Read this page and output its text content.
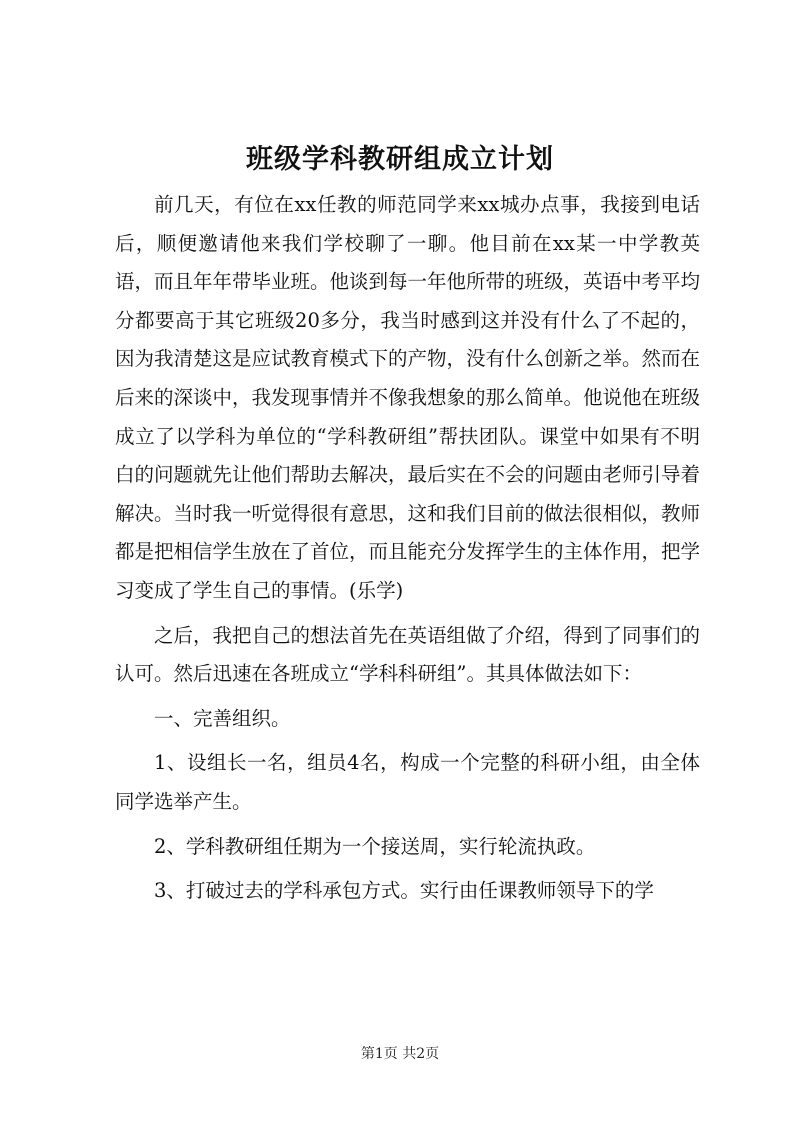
班级学科教研组成立计划

前几天，有位在xx任教的师范同学来xx城办点事，我接到电话后，顺便邀请他来我们学校聊了一聊。他目前在xx某一中学教英语，而且年年带毕业班。他谈到每一年他所带的班级，英语中考平均分都要高于其它班级20多分，我当时感到这并没有什么了不起的，因为我清楚这是应试教育模式下的产物，没有什么创新之举。然而在后来的深谈中，我发现事情并不像我想象的那么简单。他说他在班级成立了以学科为单位的“学科教研组”帮扶团队。课堂中如果有不明白的问题就先让他们帮助去解决，最后实在不会的问题由老师引导着解决。当时我一听觉得很有意思，这和我们目前的做法很相似，教师都是把相信学生放在了首位，而且能充分发挥学生的主体作用，把学习变成了学生自己的事情。(乐学)

之后，我把自己的想法首先在英语组做了介绍，得到了同事们的认可。然后迅速在各班成立“学科科研组”。其具体做法如下：

一、完善组织。

1、设组长一名，组员4名，构成一个完整的科研小组，由全体同学选举产生。

2、学科教研组任期为一个接送周，实行轮流执政。

3、打破过去的学科承包方式。实行由任课教师领导下的学

第1页 共2页
